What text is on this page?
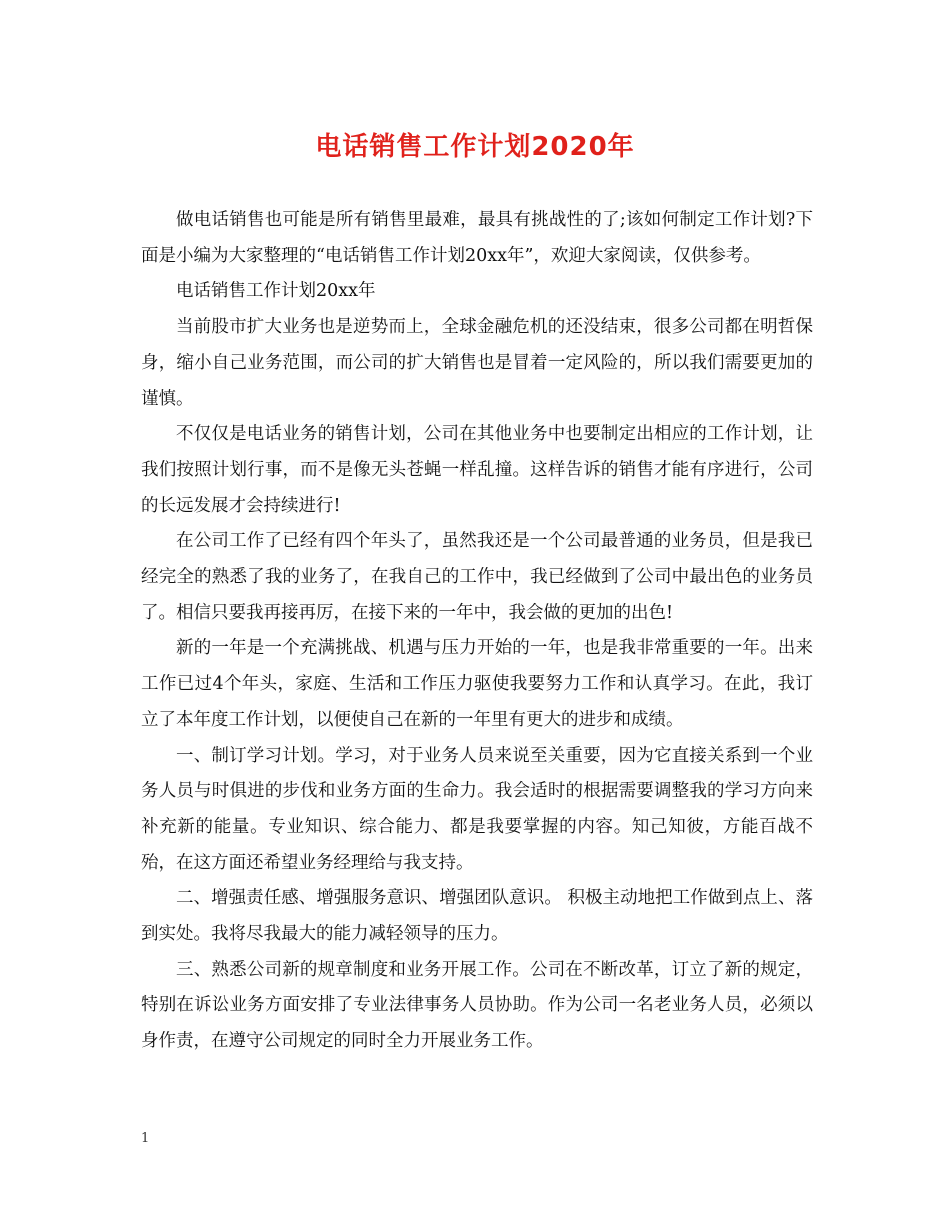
电话销售工作计划2020年

做电话销售也可能是所有销售里最难，最具有挑战性的了;该如何制定工作计划?下面是小编为大家整理的“电话销售工作计划20xx年”，欢迎大家阅读，仅供参考。

电话销售工作计划20xx年

当前股市扩大业务也是逆势而上，全球金融危机的还没结束，很多公司都在明哲保身，缩小自己业务范围，而公司的扩大销售也是冒着一定风险的，所以我们需要更加的谨慎。

不仅仅是电话业务的销售计划，公司在其他业务中也要制定出相应的工作计划，让我们按照计划行事，而不是像无头苍蝇一样乱撞。这样告诉的销售才能有序进行，公司的长远发展才会持续进行!

在公司工作了已经有四个年头了，虽然我还是一个公司最普通的业务员，但是我已经完全的熟悉了我的业务了，在我自己的工作中，我已经做到了公司中最出色的业务员了。相信只要我再接再厉，在接下来的一年中，我会做的更加的出色!

新的一年是一个充满挑战、机遇与压力开始的一年，也是我非常重要的一年。出来工作已过4个年头，家庭、生活和工作压力驱使我要努力工作和认真学习。在此，我订立了本年度工作计划，以便使自己在新的一年里有更大的进步和成绩。

一、制订学习计划。学习，对于业务人员来说至关重要，因为它直接关系到一个业务人员与时俱进的步伐和业务方面的生命力。我会适时的根据需要调整我的学习方向来补充新的能量。专业知识、综合能力、都是我要掌握的内容。知己知彼，方能百战不殆，在这方面还希望业务经理给与我支持。

二、增强责任感、增强服务意识、增强团队意识。 积极主动地把工作做到点上、落到实处。我将尽我最大的能力减轻领导的压力。

三、熟悉公司新的规章制度和业务开展工作。公司在不断改革，订立了新的规定，特别在诉讼业务方面安排了专业法律事务人员协助。作为公司一名老业务人员，必须以身作责，在遵守公司规定的同时全力开展业务工作。

1
